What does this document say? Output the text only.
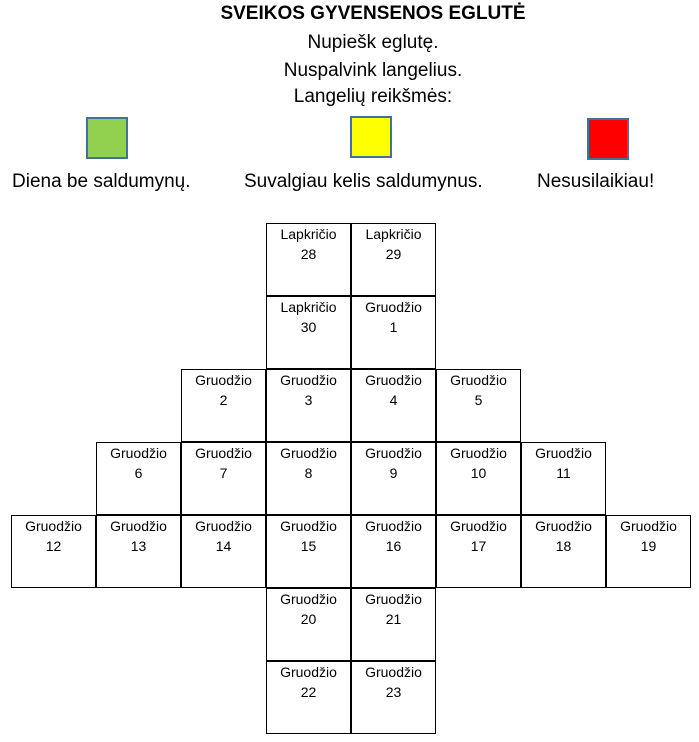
SVEIKOS GYVENSENOS EGLUTĖ
Nupiešk eglutę.
Nuspalvink langelius.
Langelių reikšmės:
Diena be saldumynų.	Suvalgiau kelis saldumynus.	Nesusilaikiau!
Lapkričio
28
Lapkričio
29
Lapkričio
30
Gruodžio
1
Gruodžio
2
Gruodžio
3
Gruodžio
4
Gruodžio
5
Gruodžio
6
Gruodžio
7
Gruodžio
8
Gruodžio
9
Gruodžio
10
Gruodžio
11
Gruodžio
12
Gruodžio
13
Gruodžio
14
Gruodžio
15
Gruodžio
16
Gruodžio
17
Gruodžio
18
Gruodžio
19
Gruodžio
20
Gruodžio
21
Gruodžio
22
Gruodžio
23
